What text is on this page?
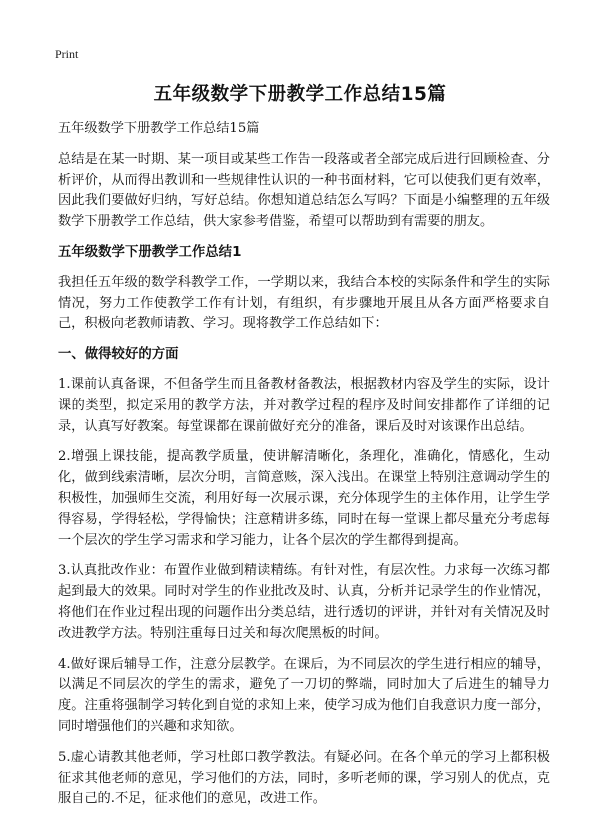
Print
五年级数学下册教学工作总结15篇

五年级数学下册教学工作总结15篇

总结是在某一时期、某一项目或某些工作告一段落或者全部完成后进行回顾检查、分析评价，从而得出教训和一些规律性认识的一种书面材料，它可以使我们更有效率，因此我们要做好归纳，写好总结。你想知道总结怎么写吗？下面是小编整理的五年级数学下册教学工作总结，供大家参考借鉴，希望可以帮助到有需要的朋友。

五年级数学下册教学工作总结1

我担任五年级的数学科教学工作，一学期以来，我结合本校的实际条件和学生的实际情况，努力工作使教学工作有计划，有组织，有步骤地开展且从各方面严格要求自己，积极向老教师请教、学习。现将教学工作总结如下：

一、做得较好的方面

1.课前认真备课，不但备学生而且备教材备教法，根据教材内容及学生的实际，设计课的类型，拟定采用的教学方法，并对教学过程的程序及时间安排都作了详细的记录，认真写好教案。每堂课都在课前做好充分的准备，课后及时对该课作出总结。

2.增强上课技能，提高教学质量，使讲解清晰化，条理化，准确化，情感化，生动化，做到线索清晰，层次分明，言简意赅，深入浅出。在课堂上特别注意调动学生的积极性，加强师生交流，利用好每一次展示课，充分体现学生的主体作用，让学生学得容易，学得轻松，学得愉快；注意精讲多练，同时在每一堂课上都尽量充分考虑每一个层次的学生学习需求和学习能力，让各个层次的学生都得到提高。

3.认真批改作业：布置作业做到精读精练。有针对性，有层次性。力求每一次练习都起到最大的效果。同时对学生的作业批改及时、认真，分析并记录学生的作业情况，将他们在作业过程出现的问题作出分类总结，进行透切的评讲，并针对有关情况及时改进教学方法。特别注重每日过关和每次爬黑板的时间。

4.做好课后辅导工作，注意分层教学。在课后，为不同层次的学生进行相应的辅导，以满足不同层次的学生的需求，避免了一刀切的弊端，同时加大了后进生的辅导力度。注重将强制学习转化到自觉的求知上来，使学习成为他们自我意识力度一部分，同时增强他们的兴趣和求知欲。

5.虚心请教其他老师，学习杜郎口教学教法。有疑必问。在各个单元的学习上都积极征求其他老师的意见，学习他们的方法，同时，多听老师的课，学习别人的优点，克服自己的.不足，征求他们的意见，改进工作。
